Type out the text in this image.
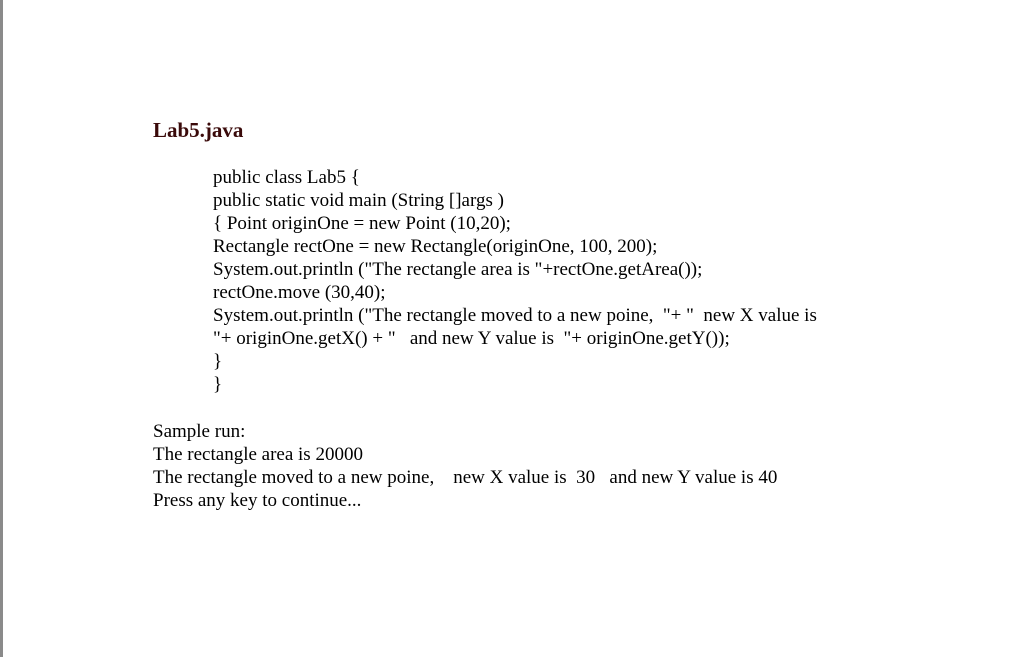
Lab5.java
public class Lab5 {
public static void main (String []args )
{ Point originOne = new Point (10,20);
Rectangle rectOne = new Rectangle(originOne, 100, 200);
System.out.println ("The rectangle area is "+rectOne.getArea());
rectOne.move (30,40);
System.out.println ("The rectangle moved to a new poine,  "+ "  new X value is
"+ originOne.getX() + "   and new Y value is  "+ originOne.getY());
}
}
Sample run:
The rectangle area is 20000
The rectangle moved to a new poine,    new X value is  30   and new Y value is 40
Press any key to continue...
